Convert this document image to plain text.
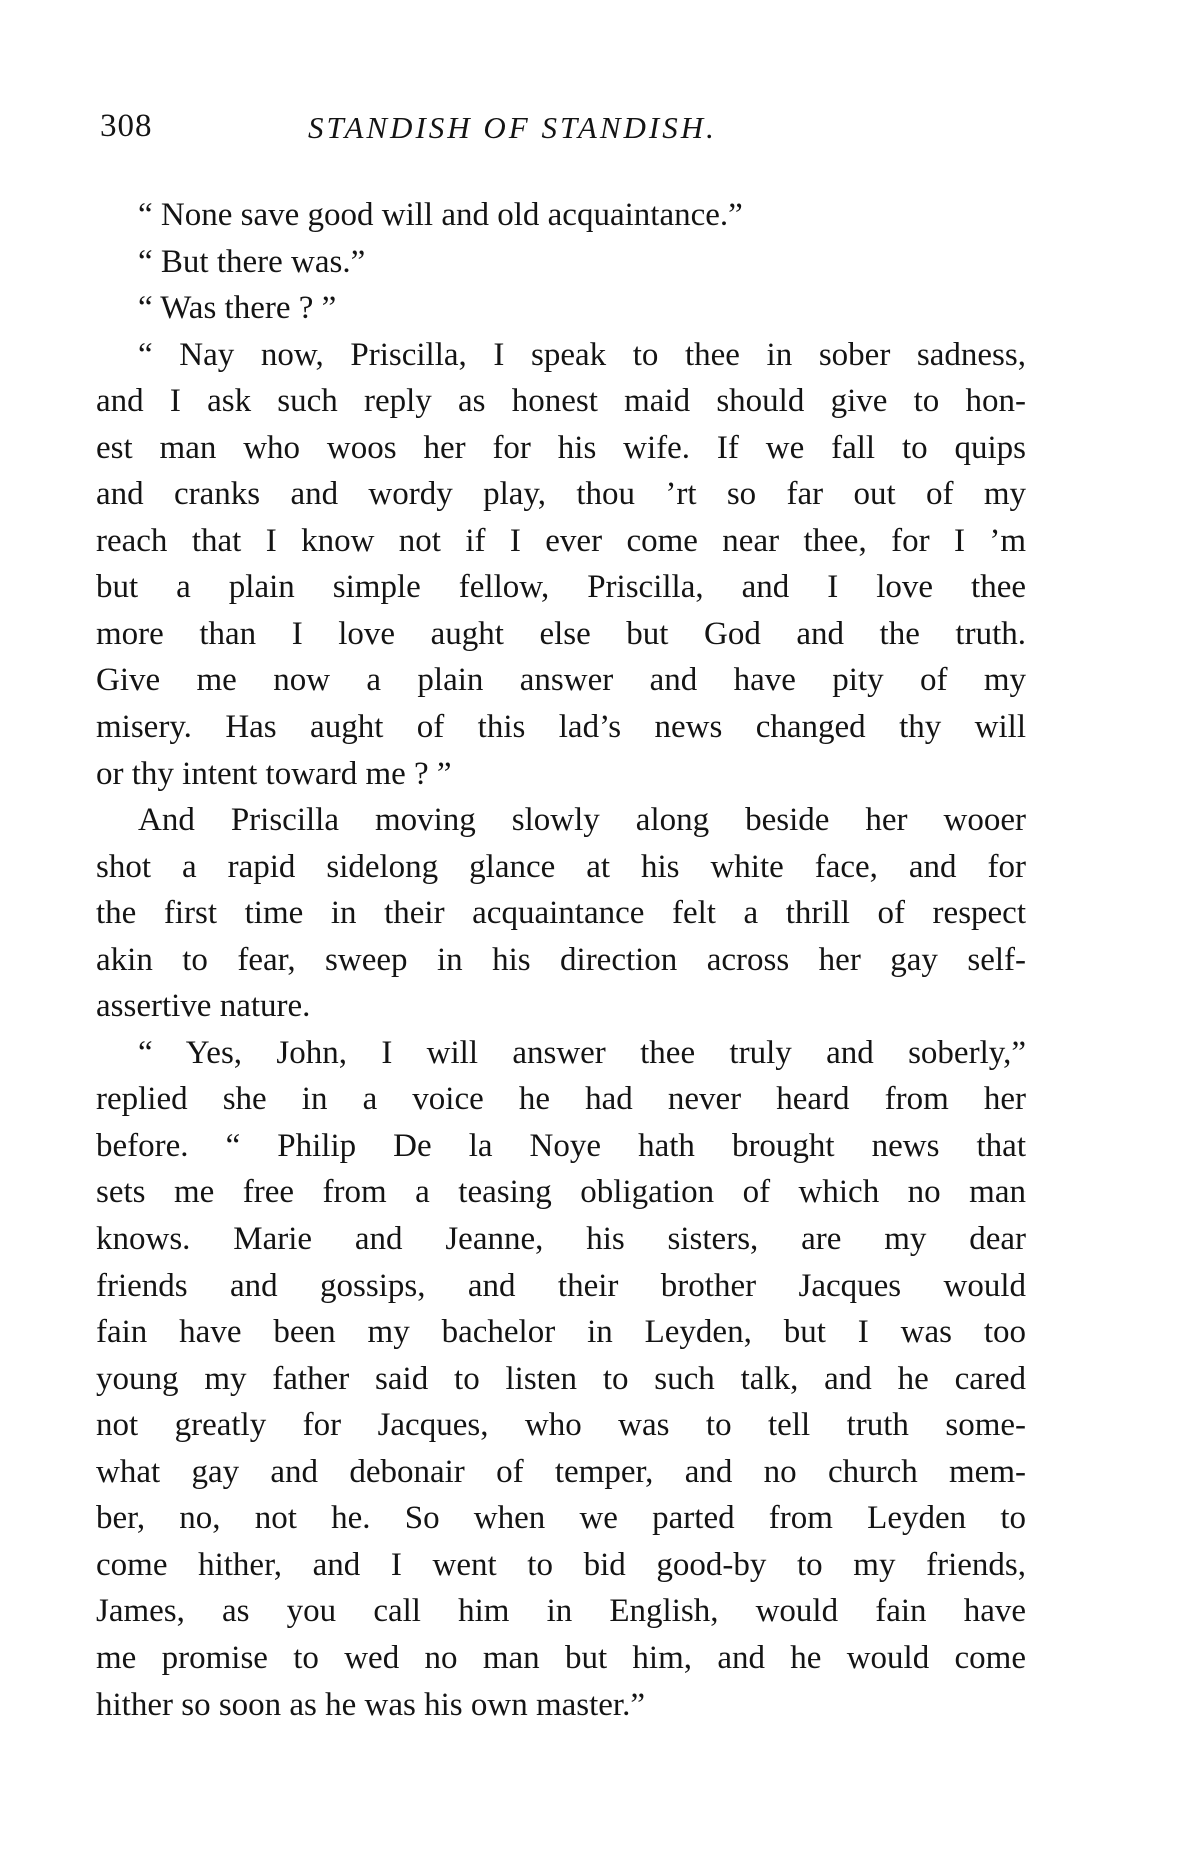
308	STANDISH OF STANDISH.
“ None save good will and old acquaintance.”
“ But there was.”
“ Was there ? ”
“ Nay now, Priscilla, I speak to thee in sober sadness,
and I ask such reply as honest maid should give to hon-
est man who woos her for his wife. If we fall to quips
and cranks and wordy play, thou ’rt so far out of my
reach that I know not if I ever come near thee, for I ’m
but a plain simple fellow, Priscilla, and I love thee
more than I love aught else but God and the truth.
Give me now a plain answer and have pity of my
misery. Has aught of this lad’s news changed thy will
or thy intent toward me ? ”
And Priscilla moving slowly along beside her wooer
shot a rapid sidelong glance at his white face, and for
the first time in their acquaintance felt a thrill of respect
akin to fear, sweep in his direction across her gay self-
assertive nature.
“ Yes, John, I will answer thee truly and soberly,”
replied she in a voice he had never heard from her
before. “ Philip De la Noye hath brought news that
sets me free from a teasing obligation of which no man
knows. Marie and Jeanne, his sisters, are my dear
friends and gossips, and their brother Jacques would
fain have been my bachelor in Leyden, but I was too
young my father said to listen to such talk, and he cared
not greatly for Jacques, who was to tell truth some-
what gay and debonair of temper, and no church mem-
ber, no, not he. So when we parted from Leyden to
come hither, and I went to bid good-by to my friends,
James, as you call him in English, would fain have
me promise to wed no man but him, and he would come
hither so soon as he was his own master.”
